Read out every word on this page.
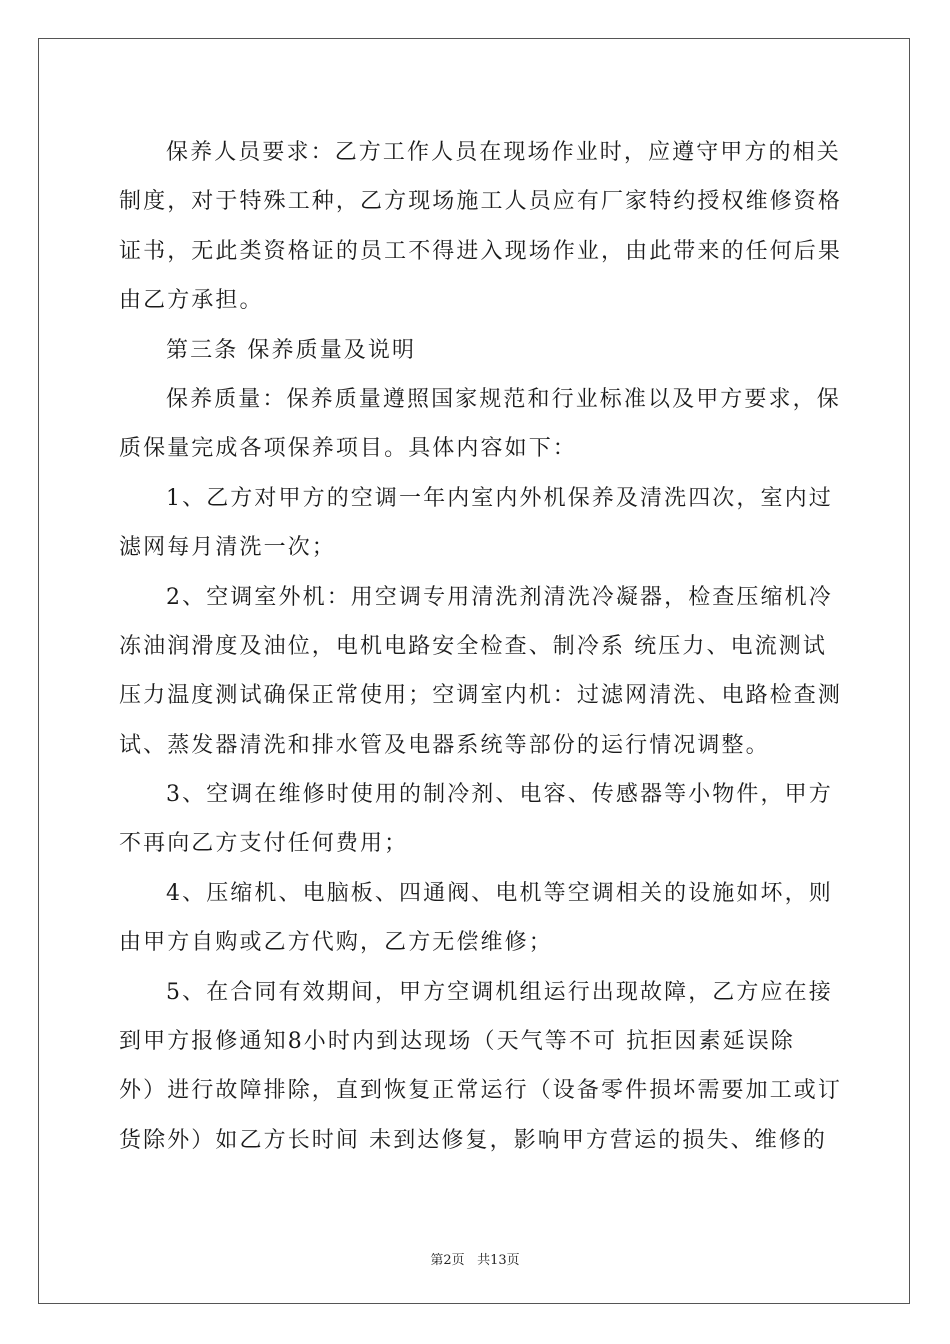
保养人员要求：乙方工作人员在现场作业时，应遵守甲方的相关
制度，对于特殊工种，乙方现场施工人员应有厂家特约授权维修资格
证书，无此类资格证的员工不得进入现场作业，由此带来的任何后果
由乙方承担。
第三条 保养质量及说明
保养质量：保养质量遵照国家规范和行业标准以及甲方要求，保
质保量完成各项保养项目。具体内容如下：
1、乙方对甲方的空调一年内室内外机保养及清洗四次，室内过
滤网每月清洗一次；
2、空调室外机：用空调专用清洗剂清洗冷凝器，检查压缩机冷
冻油润滑度及油位，电机电路安全检查、制冷系 统压力、电流测试
压力温度测试确保正常使用；空调室内机：过滤网清洗、电路检查测
试、蒸发器清洗和排水管及电器系统等部份的运行情况调整。
3、空调在维修时使用的制冷剂、电容、传感器等小物件，甲方
不再向乙方支付任何费用；
4、压缩机、电脑板、四通阀、电机等空调相关的设施如坏，则
由甲方自购或乙方代购，乙方无偿维修；
5、在合同有效期间，甲方空调机组运行出现故障，乙方应在接
到甲方报修通知8小时内到达现场（天气等不可 抗拒因素延误除
外）进行故障排除，直到恢复正常运行（设备零件损坏需要加工或订
货除外）如乙方长时间 未到达修复，影响甲方营运的损失、维修的
第2页 共13页
